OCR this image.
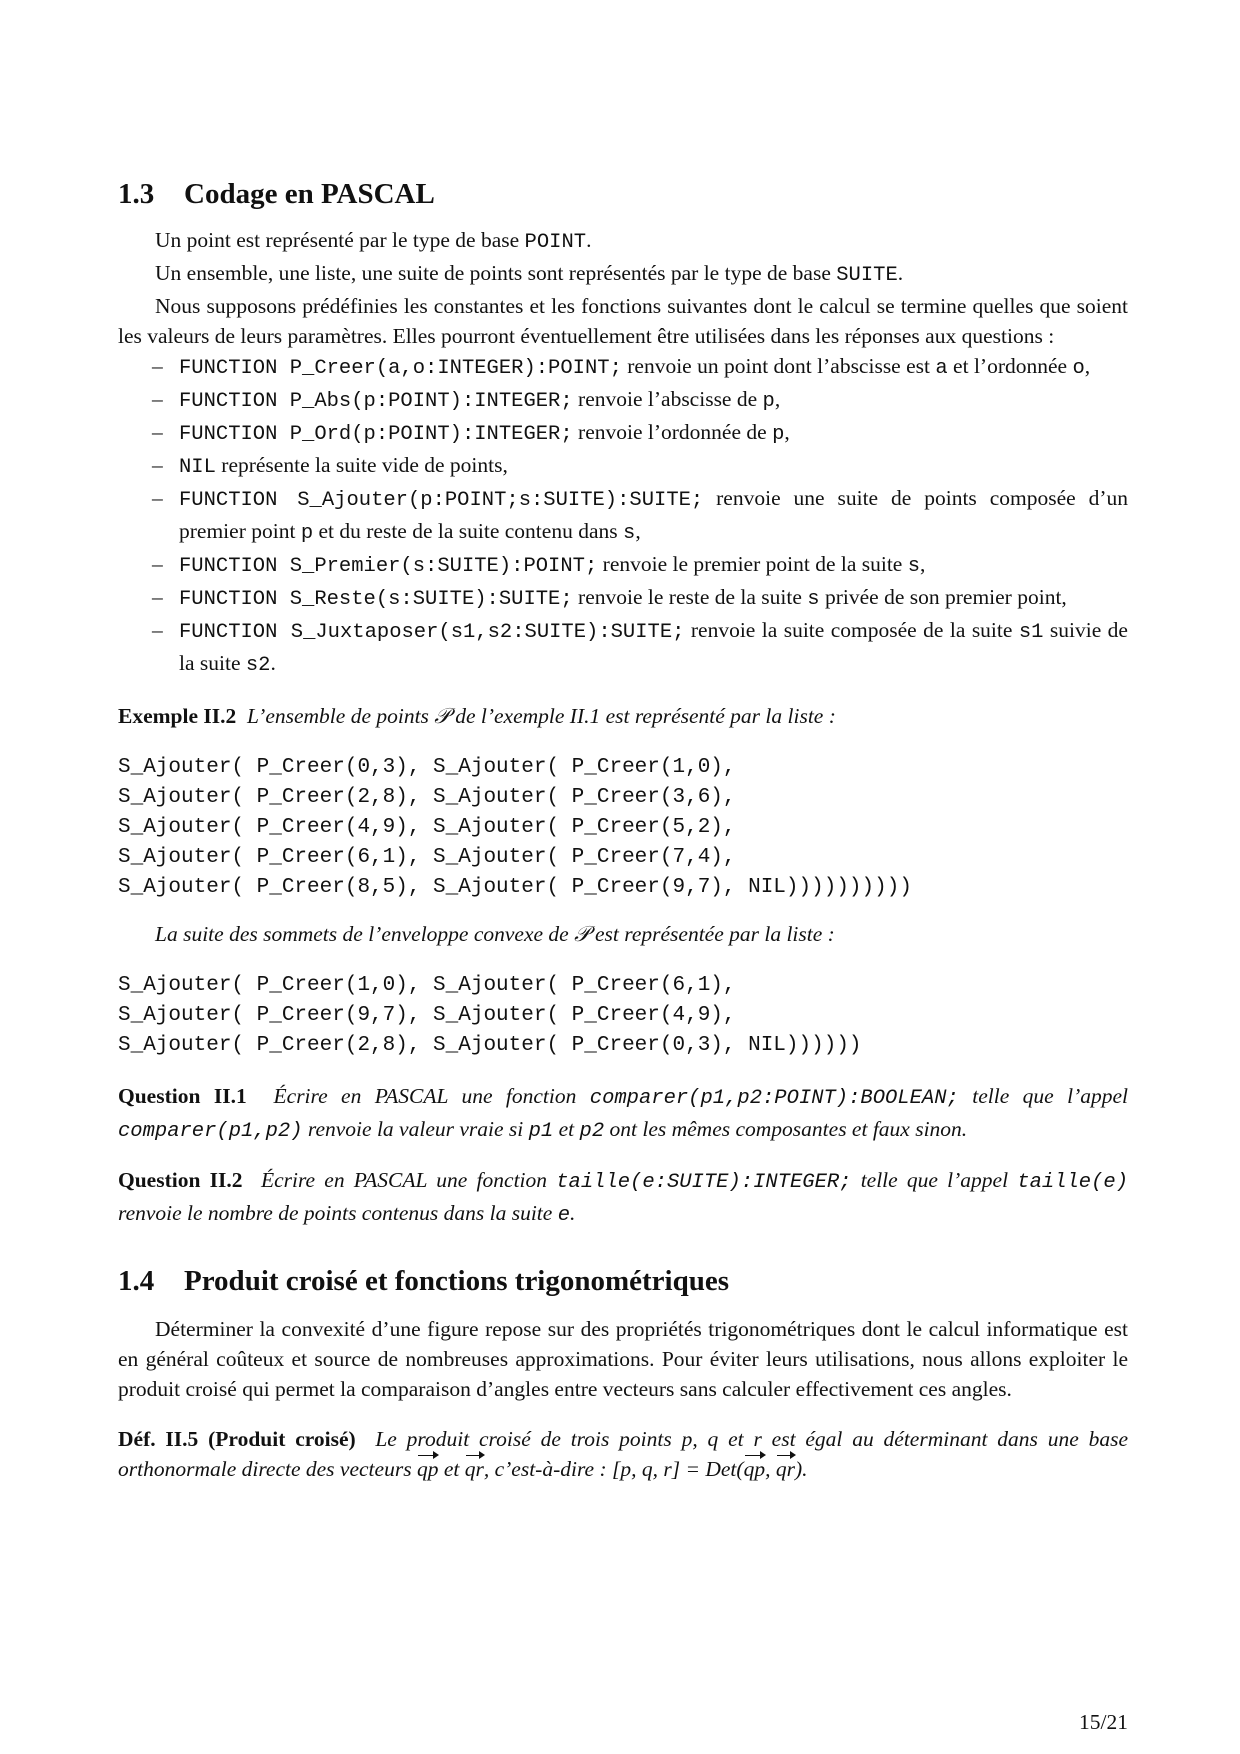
1.3 Codage en PASCAL

Un point est représenté par le type de base POINT.

Un ensemble, une liste, une suite de points sont représentés par le type de base SUITE.

Nous supposons prédéfinies les constantes et les fonctions suivantes dont le calcul se termine quelles que soient les valeurs de leurs paramètres. Elles pourront éventuellement être utilisées dans les réponses aux questions :

– FUNCTION P_Creer(a,o:INTEGER):POINT; renvoie un point dont l’abscisse est a et l’ordonnée o,
– FUNCTION P_Abs(p:POINT):INTEGER; renvoie l’abscisse de p,
– FUNCTION P_Ord(p:POINT):INTEGER; renvoie l’ordonnée de p,
– NIL représente la suite vide de points,
– FUNCTION S_Ajouter(p:POINT;s:SUITE):SUITE; renvoie une suite de points composée d’un premier point p et du reste de la suite contenu dans s,
– FUNCTION S_Premier(s:SUITE):POINT; renvoie le premier point de la suite s,
– FUNCTION S_Reste(s:SUITE):SUITE; renvoie le reste de la suite s privée de son premier point,
– FUNCTION S_Juxtaposer(s1,s2:SUITE):SUITE; renvoie la suite composée de la suite s1 suivie de la suite s2.

Exemple II.2 L’ensemble de points 𝒫 de l’exemple II.1 est représenté par la liste :

S_Ajouter( P_Creer(0,3), S_Ajouter( P_Creer(1,0),
S_Ajouter( P_Creer(2,8), S_Ajouter( P_Creer(3,6),
S_Ajouter( P_Creer(4,9), S_Ajouter( P_Creer(5,2),
S_Ajouter( P_Creer(6,1), S_Ajouter( P_Creer(7,4),
S_Ajouter( P_Creer(8,5), S_Ajouter( P_Creer(9,7), NIL))))))))))

La suite des sommets de l’enveloppe convexe de 𝒫 est représentée par la liste :

S_Ajouter( P_Creer(1,0), S_Ajouter( P_Creer(6,1),
S_Ajouter( P_Creer(9,7), S_Ajouter( P_Creer(4,9),
S_Ajouter( P_Creer(2,8), S_Ajouter( P_Creer(0,3), NIL))))))

Question II.1 Écrire en PASCAL une fonction comparer(p1,p2:POINT):BOOLEAN; telle que l’appel comparer(p1,p2) renvoie la valeur vraie si p1 et p2 ont les mêmes composantes et faux sinon.

Question II.2 Écrire en PASCAL une fonction taille(e:SUITE):INTEGER; telle que l’appel taille(e) renvoie le nombre de points contenus dans la suite e.

1.4 Produit croisé et fonctions trigonométriques

Déterminer la convexité d’une figure repose sur des propriétés trigonométriques dont le calcul informatique est en général coûteux et source de nombreuses approximations. Pour éviter leurs utilisations, nous allons exploiter le produit croisé qui permet la comparaison d’angles entre vecteurs sans calculer effectivement ces angles.

Déf. II.5 (Produit croisé) Le produit croisé de trois points p, q et r est égal au déterminant dans une base orthonormale directe des vecteurs qp et qr, c’est-à-dire : [p, q, r] = Det(qp, qr).

15/21
